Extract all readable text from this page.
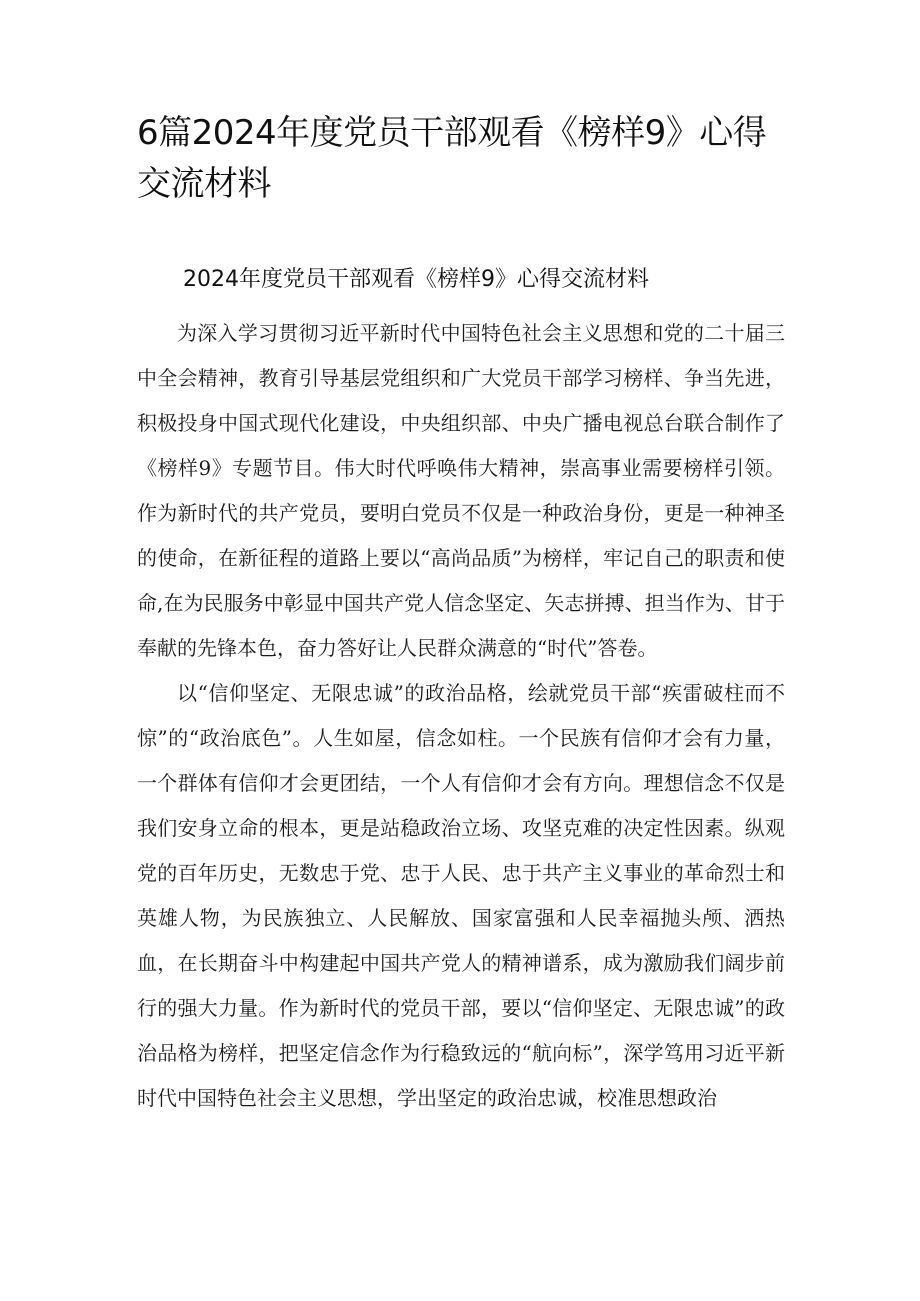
6篇2024年度党员干部观看《榜样9》心得交流材料
2024年度党员干部观看《榜样9》心得交流材料

为深入学习贯彻习近平新时代中国特色社会主义思想和党的二十届三中全会精神，教育引导基层党组织和广大党员干部学习榜样、争当先进，积极投身中国式现代化建设，中央组织部、中央广播电视总台联合制作了《榜样9》专题节目。伟大时代呼唤伟大精神，崇高事业需要榜样引领。作为新时代的共产党员，要明白党员不仅是一种政治身份，更是一种神圣的使命，在新征程的道路上要以“高尚品质”为榜样，牢记自己的职责和使命,在为民服务中彰显中国共产党人信念坚定、矢志拼搏、担当作为、甘于奉献的先锋本色，奋力答好让人民群众满意的“时代”答卷。

以“信仰坚定、无限忠诚”的政治品格，绘就党员干部“疾雷破柱而不惊”的“政治底色”。人生如屋，信念如柱。一个民族有信仰才会有力量，一个群体有信仰才会更团结，一个人有信仰才会有方向。理想信念不仅是我们安身立命的根本，更是站稳政治立场、攻坚克难的决定性因素。纵观党的百年历史，无数忠于党、忠于人民、忠于共产主义事业的革命烈士和英雄人物，为民族独立、人民解放、国家富强和人民幸福抛头颅、洒热血，在长期奋斗中构建起中国共产党人的精神谱系，成为激励我们阔步前行的强大力量。作为新时代的党员干部，要以“信仰坚定、无限忠诚”的政治品格为榜样，把坚定信念作为行稳致远的“航向标”，深学笃用习近平新时代中国特色社会主义思想，学出坚定的政治忠诚，校准思想政治
